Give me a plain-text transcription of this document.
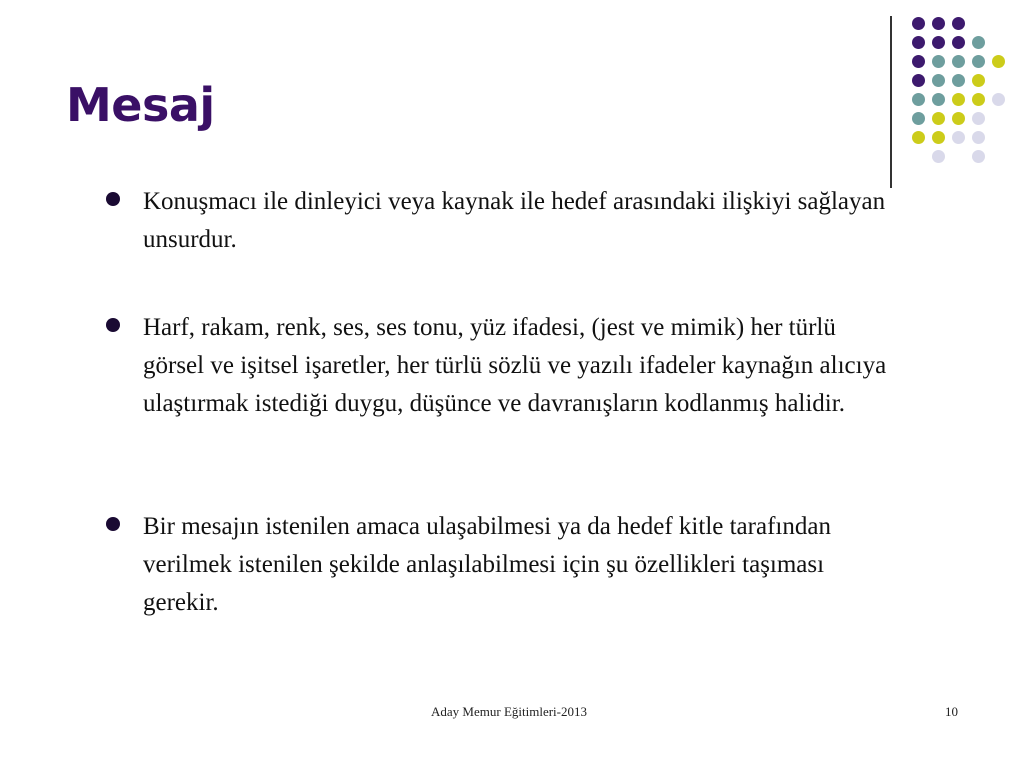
Mesaj
Konuşmacı ile dinleyici veya kaynak ile hedef arasındaki ilişkiyi sağlayan unsurdur.
Harf, rakam, renk, ses, ses tonu, yüz ifadesi, (jest ve mimik) her türlü görsel ve işitsel işaretler, her türlü sözlü ve yazılı ifadeler kaynağın alıcıya ulaştırmak istediği duygu, düşünce ve davranışların kodlanmış halidir.
Bir mesajın istenilen amaca ulaşabilmesi ya da hedef kitle tarafından verilmek istenilen şekilde anlaşılabilmesi için şu özellikleri taşıması gerekir.
Aday Memur Eğitimleri-2013	10
